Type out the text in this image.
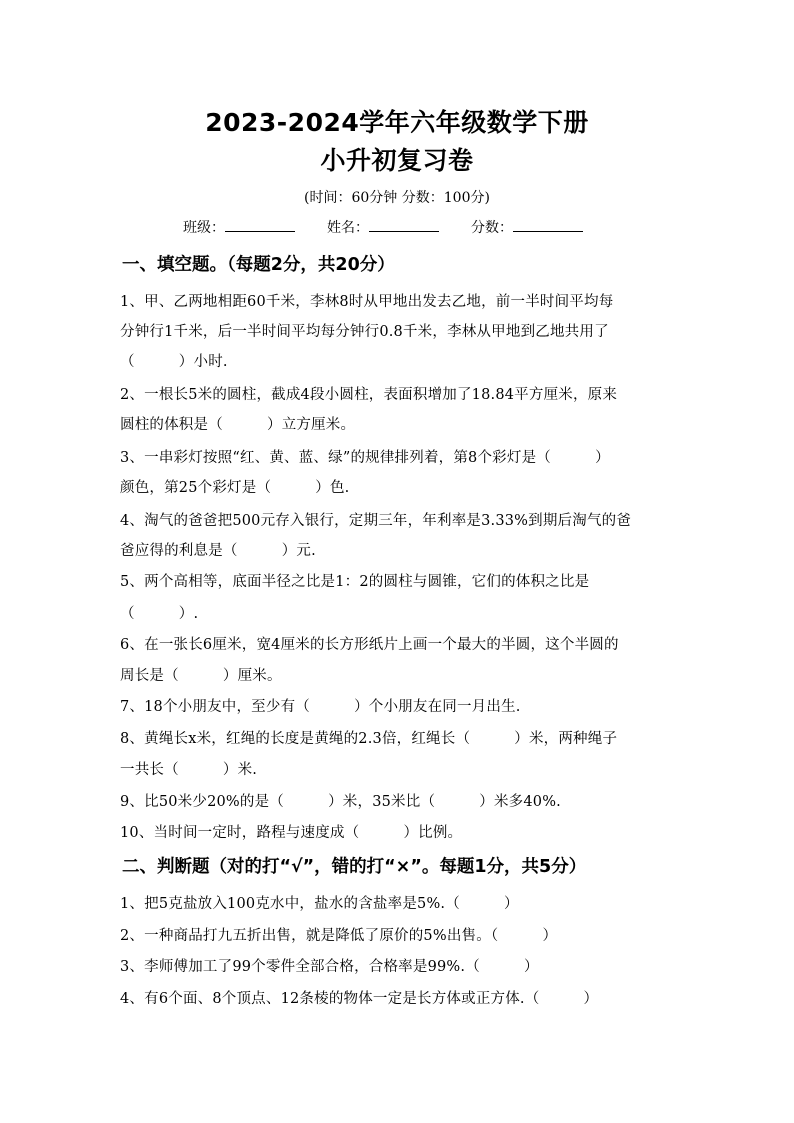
2023-2024学年六年级数学下册
小升初复习卷
(时间：60分钟 分数：100分)
班级：	姓名：	分数：
一、填空题。（每题2分，共20分）
1、甲、乙两地相距60千米，李林8时从甲地出发去乙地，前一半时间平均每
分钟行1千米，后一半时间平均每分钟行0.8千米，李林从甲地到乙地共用了
（　　　）小时.
2、一根长5米的圆柱，截成4段小圆柱，表面积增加了18.84平方厘米，原来
圆柱的体积是（　　　）立方厘米。
3、一串彩灯按照“红、黄、蓝、绿”的规律排列着，第8个彩灯是（　　　）
颜色，第25个彩灯是（　　　）色.
4、淘气的爸爸把500元存入银行，定期三年，年利率是3.33%到期后淘气的爸
爸应得的利息是（　　　）元.
5、两个高相等，底面半径之比是1：2的圆柱与圆锥，它们的体积之比是
（　　　）.
6、在一张长6厘米，宽4厘米的长方形纸片上画一个最大的半圆，这个半圆的
周长是（　　　）厘米。
7、18个小朋友中，至少有（　　　）个小朋友在同一月出生.
8、黄绳长x米，红绳的长度是黄绳的2.3倍，红绳长（　　　）米，两种绳子
一共长（　　　）米.
9、比50米少20%的是（　　　）米，35米比（　　　）米多40%.
10、当时间一定时，路程与速度成（　　　）比例。
二、判断题（对的打“√”，错的打“×”。每题1分，共5分）
1、把5克盐放入100克水中，盐水的含盐率是5%.（　　　）
2、一种商品打九五折出售，就是降低了原价的5%出售。（　　　）
3、李师傅加工了99个零件全部合格，合格率是99%.（　　　）
4、有6个面、8个顶点、12条棱的物体一定是长方体或正方体.（　　　）
